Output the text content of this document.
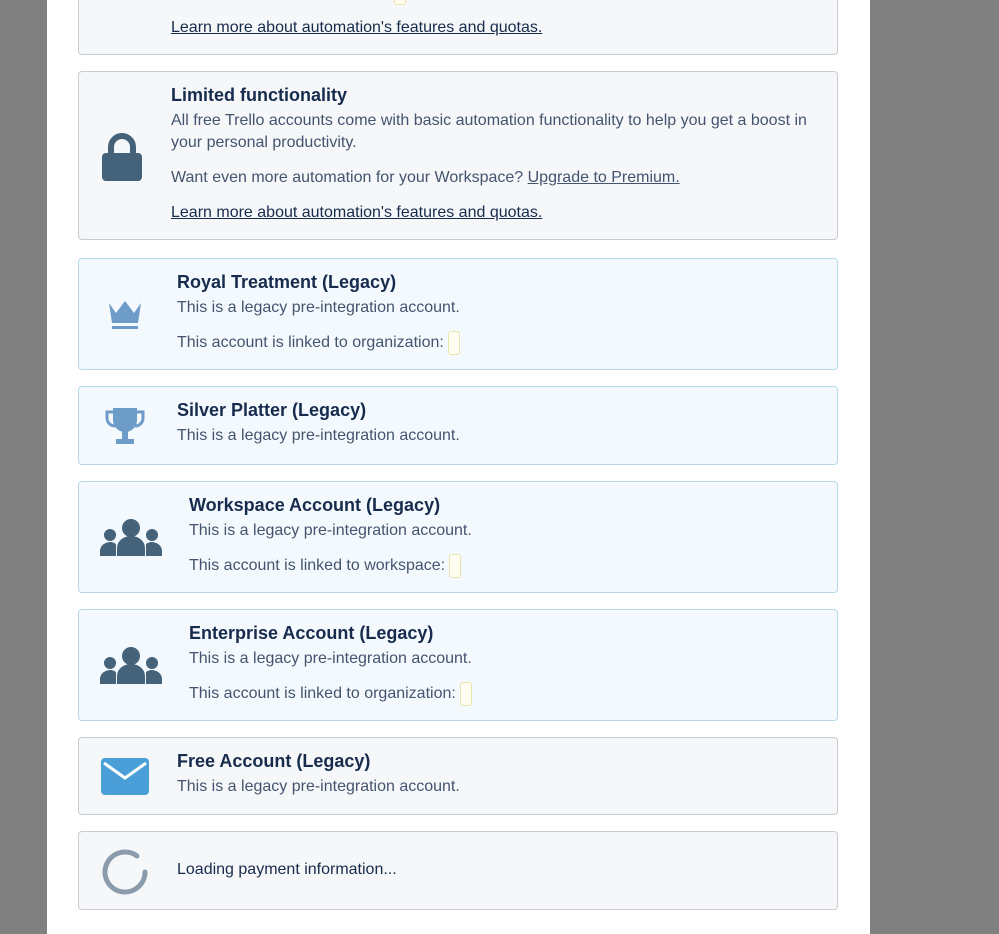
Learn more about automation's features and quotas.
Limited functionality
All free Trello accounts come with basic automation functionality to help you get a boost in your personal productivity.
Want even more automation for your Workspace? Upgrade to Premium.
Learn more about automation's features and quotas.
Royal Treatment (Legacy)
This is a legacy pre-integration account.
This account is linked to organization:
Silver Platter (Legacy)
This is a legacy pre-integration account.
Workspace Account (Legacy)
This is a legacy pre-integration account.
This account is linked to workspace:
Enterprise Account (Legacy)
This is a legacy pre-integration account.
This account is linked to organization:
Free Account (Legacy)
This is a legacy pre-integration account.
Loading payment information...
